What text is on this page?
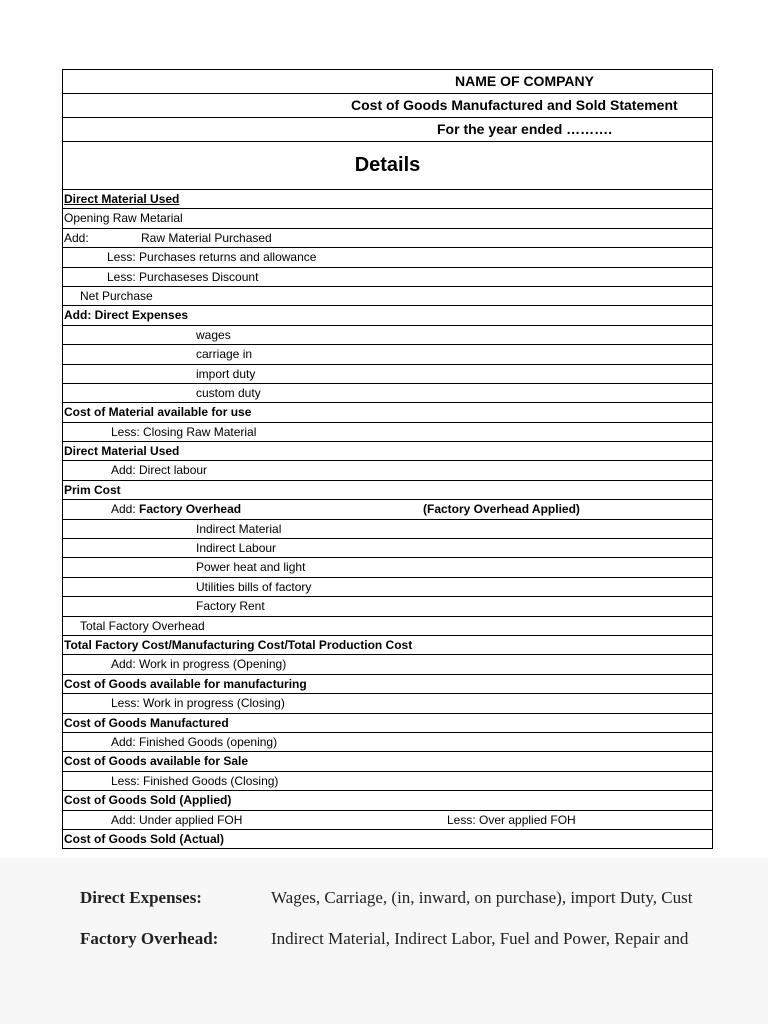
NAME OF COMPANY
Cost of Goods Manufactured and Sold Statement
For the year ended ……….
Details
Direct Material Used
Opening Raw Metarial
Add:	Raw Material Purchased
Less: Purchases returns and allowance
Less: Purchaseses Discount
Net Purchase
Add: Direct Expenses
wages
carriage in
import duty
custom duty
Cost of Material available for use
Less: Closing Raw Material
Direct Material Used
Add: Direct labour
Prim Cost
Add: Factory Overhead	(Factory Overhead Applied)
Indirect Material
Indirect Labour
Power heat and light
Utilities bills of factory
Factory Rent
Total Factory Overhead
Total Factory Cost/Manufacturing Cost/Total Production Cost
Add: Work in progress (Opening)
Cost of Goods available for manufacturing
Less: Work in progress (Closing)
Cost of Goods Manufactured
Add: Finished Goods (opening)
Cost of Goods available for Sale
Less: Finished Goods (Closing)
Cost of Goods Sold (Applied)
Add: Under applied FOH	Less: Over applied FOH
Cost of Goods Sold (Actual)
Direct Expenses:	Wages, Carriage, (in, inward, on purchase), import Duty, Cust
Factory Overhead:	Indirect Material, Indirect Labor, Fuel and Power, Repair and
